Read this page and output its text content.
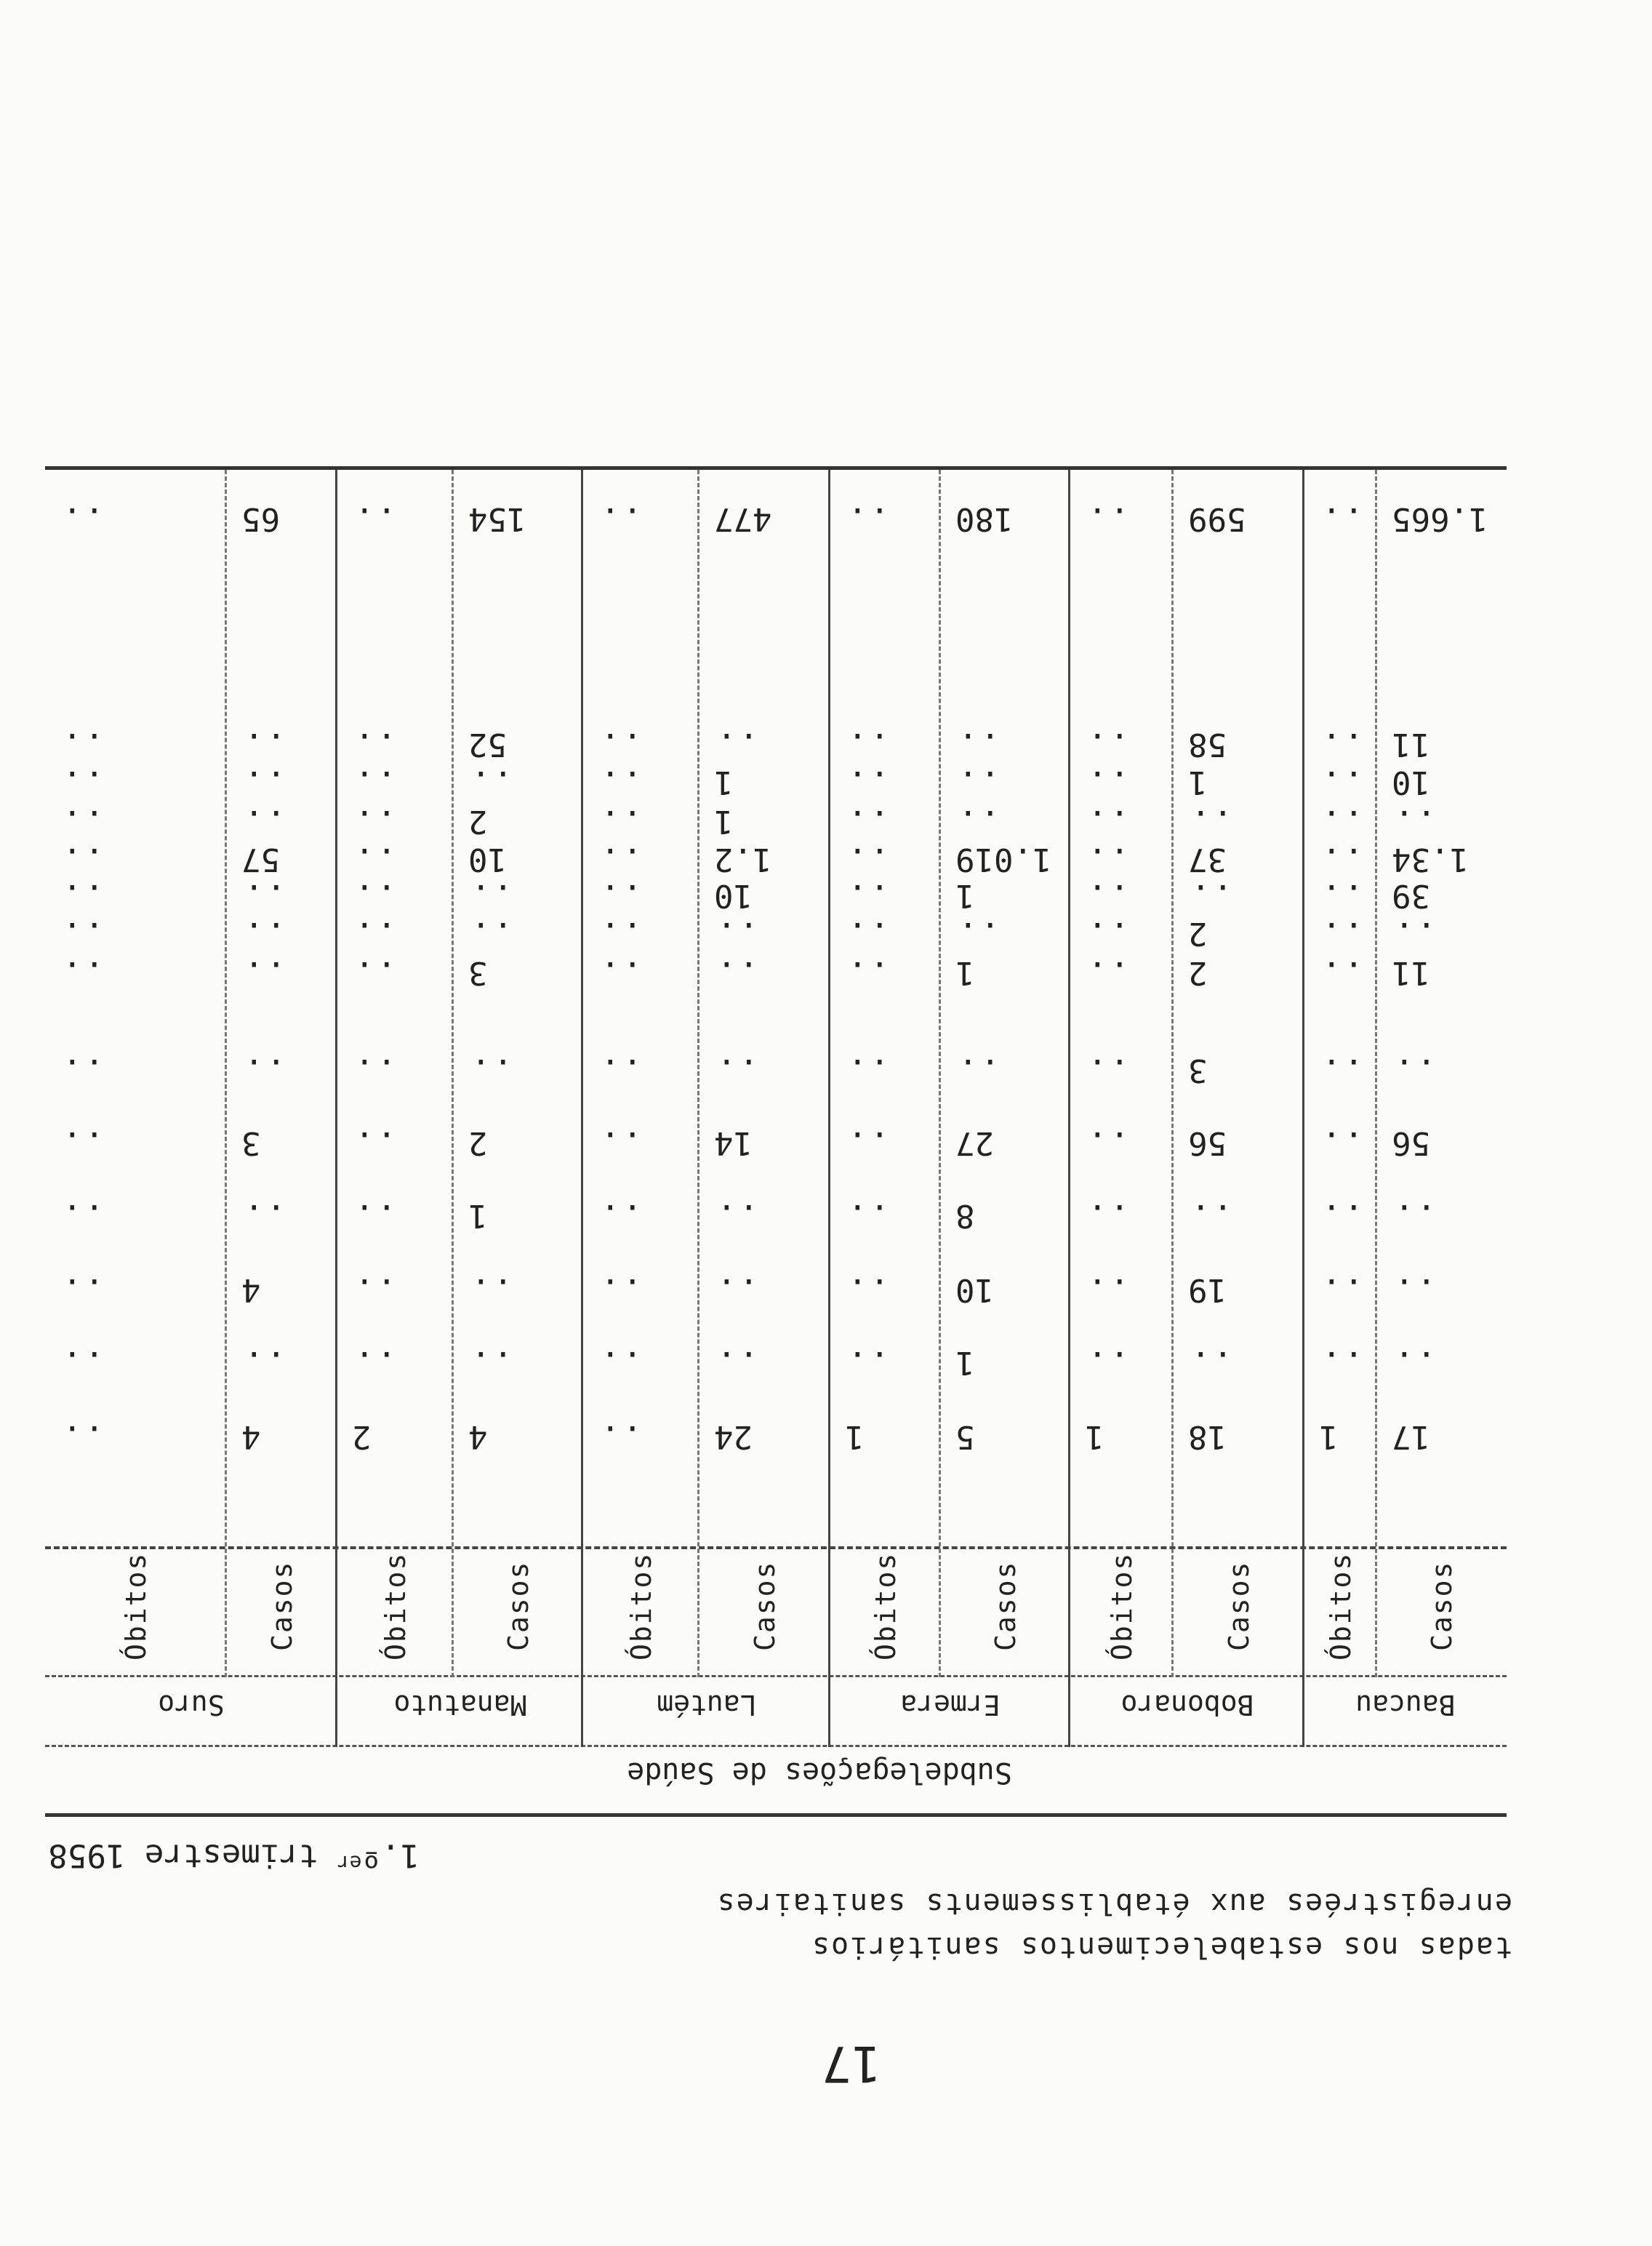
17
tadas nos estabelecimentos sanitários
enregistrées aux établissements sanitaires
1.º$^{er}$ trimestre 1958
Subdelegações de Saúde
Baucau
Bobonaro
Ermera
Lautém
Manatuto
Suro
Casos
Óbitos
Casos
Óbitos
Casos
Óbitos
Casos
Óbitos
Casos
Óbitos
Casos
Óbitos
17
1
18
1
5
1
24
..
4
2
4
..
..
..
..
..
1
..
..
..
..
..
..
..
..
..
19
..
10
..
..
..
..
..
4
..
..
..
..
..
8
..
..
..
1
..
..
..
56
..
56
..
27
..
14
..
2
..
3
..
..
..
3
..
..
..
..
..
..
..
..
..
11
..
2
..
1
..
..
..
3
..
..
..
..
..
2
..
..
..
..
..
..
..
..
..
39
..
..
..
1
..
10
..
..
..
..
..
1.34
..
37
..
1.019
..
1.2
..
10
..
57
..
..
..
..
..
..
..
1
..
2
..
..
..
10
..
1
..
..
..
1
..
..
..
..
..
11
..
58
..
..
..
..
..
52
..
..
..
1.665
..
599
..
180
..
477
..
154
..
65
..
